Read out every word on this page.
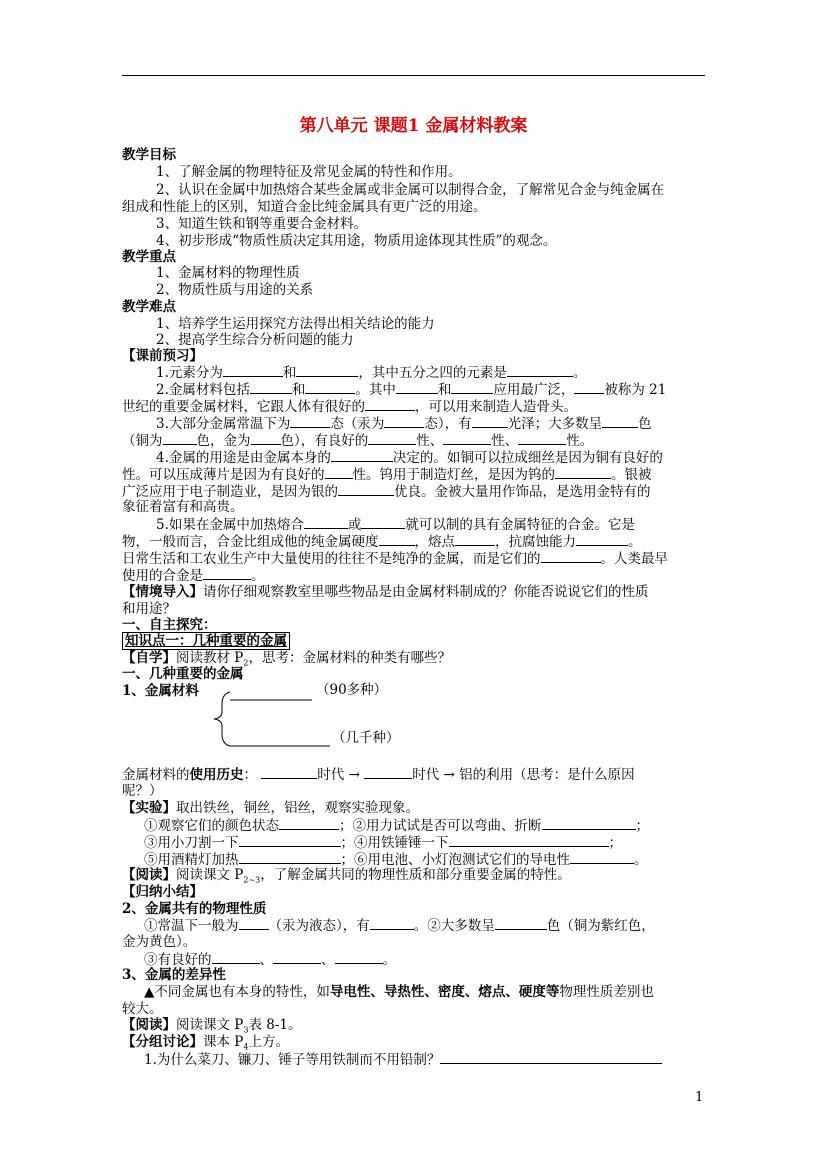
第八单元 课题1 金属材料教案
教学目标
1、了解金属的物理特征及常见金属的特性和作用。
2、认识在金属中加热熔合某些金属或非金属可以制得合金，了解常见合金与纯金属在
组成和性能上的区别，知道合金比纯金属具有更广泛的用途。
3、知道生铁和钢等重要合金材料。
4、初步形成“物质性质决定其用途，物质用途体现其性质”的观念。
教学重点
1、金属材料的物理性质
2、物质性质与用途的关系
教学难点
1、培养学生运用探究方法得出相关结论的能力
2、提高学生综合分析问题的能力
【课前预习】
1.元素分为	和	，其中五分之四的元素是	。
2.金属材料包括	和	。其中	和	应用最广泛， 被称为 21
世纪的重要金属材料，它跟人体有很好的	，可以用来制造人造骨头。
3.大部分金属常温下为	态（汞为	态），有	光泽；大多数呈	色
（铜为	色，金为 色），有良好的	性、	性、	性。
4.金属的用途是由金属本身的	决定的。如铜可以拉成细丝是因为铜有良好的
性。可以压成薄片是因为有良好的 性。钨用于制造灯丝，是因为钨的	。银被
广泛应用于电子制造业，是因为银的	优良。金被大量用作饰品，是选用金特有的
象征着富有和高贵。
5.如果在金属中加热熔合	或	就可以制的具有金属特征的合金。它是
物，一般而言，合金比组成他的纯金属硬度	，熔点	，抗腐蚀能力	。
日常生活和工农业生产中大量使用的往往不是纯净的金属，而是它们的	。人类最早
使用的合金是	。
【情境导入】请你仔细观察教室里哪些物品是由金属材料制成的？你能否说说它们的性质
和用途？
一、自主探究：
知识点一：几种重要的金属
【自学】阅读教材 $P_2$，思考：金属材料的种类有哪些？
一、几种重要的金属
1、金属材料	（90多种）
（几千种）
金属材料的使用历史：	时代 →	时代 → 铝的利用（思考：是什么原因
呢？）
【实验】取出铁丝，铜丝，铝丝，观察实验现象。
①观察它们的颜色状态	；②用力试试是否可以弯曲、折断	；
③用小刀割一下	；④用铁锤锤一下	；
⑤用酒精灯加热	；⑥用电池、小灯泡测试它们的导电性	。
【阅读】阅读课文 $P_{2\sim 3}$，了解金属共同的物理性质和部分重要金属的特性。
【归纳小结】
2、金属共有的物理性质
①常温下一般为 （汞为液态），有	。②大多数呈	色（铜为紫红色，
金为黄色）。
③有良好的	、	、	。
3、金属的差异性
▲不同金属也有本身的特性，如导电性、导热性、密度、熔点、硬度等物理性质差别也
较大。
【阅读】阅读课文 $P_3$表 8-1。
【分组讨论】课本 $P_4$上方。
1.为什么菜刀、镰刀、锤子等用铁制而不用铅制？
1
